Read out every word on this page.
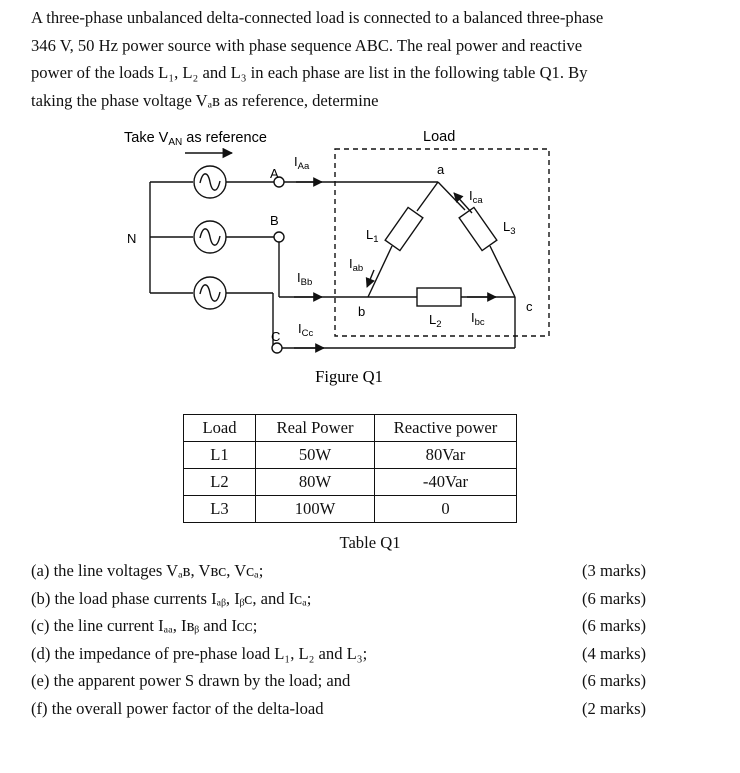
A three-phase unbalanced delta-connected load is connected to a balanced three-phase
346 V, 50 Hz power source with phase sequence ABC. The real power and reactive
power of the loads L₁, L₂ and L₃ in each phase are list in the following table Q1. By
taking the phase voltage Vₐʙ as reference, determine
Take $V_{AN}$ as reference	Load
N
A
B
C
$I_{Aa}$
$I_{Bb}$
$I_{Cc}$
a
b	c
$L_1$
$L_2$
$L_3$
$I_{ab}$
$I_{bc}$
$I_{ca}$
Figure Q1
Load	Real Power	Reactive power
L1	50W	80Var
L2	80W	-40Var
L3	100W	0
Table Q1
(a) the line voltages Vₐʙ, Vʙᴄ, Vᴄₐ;	(3 marks)
(b) the load phase currents Iₐᵦ, Iᵦᴄ, and Iᴄₐ;	(6 marks)
(c) the line current Iₐₐ, Iʙᵦ and Iᴄᴄ;	(6 marks)
(d) the impedance of pre-phase load L₁, L₂ and L₃;	(4 marks)
(e) the apparent power S drawn by the load; and	(6 marks)
(f) the overall power factor of the delta-load	(2 marks)
